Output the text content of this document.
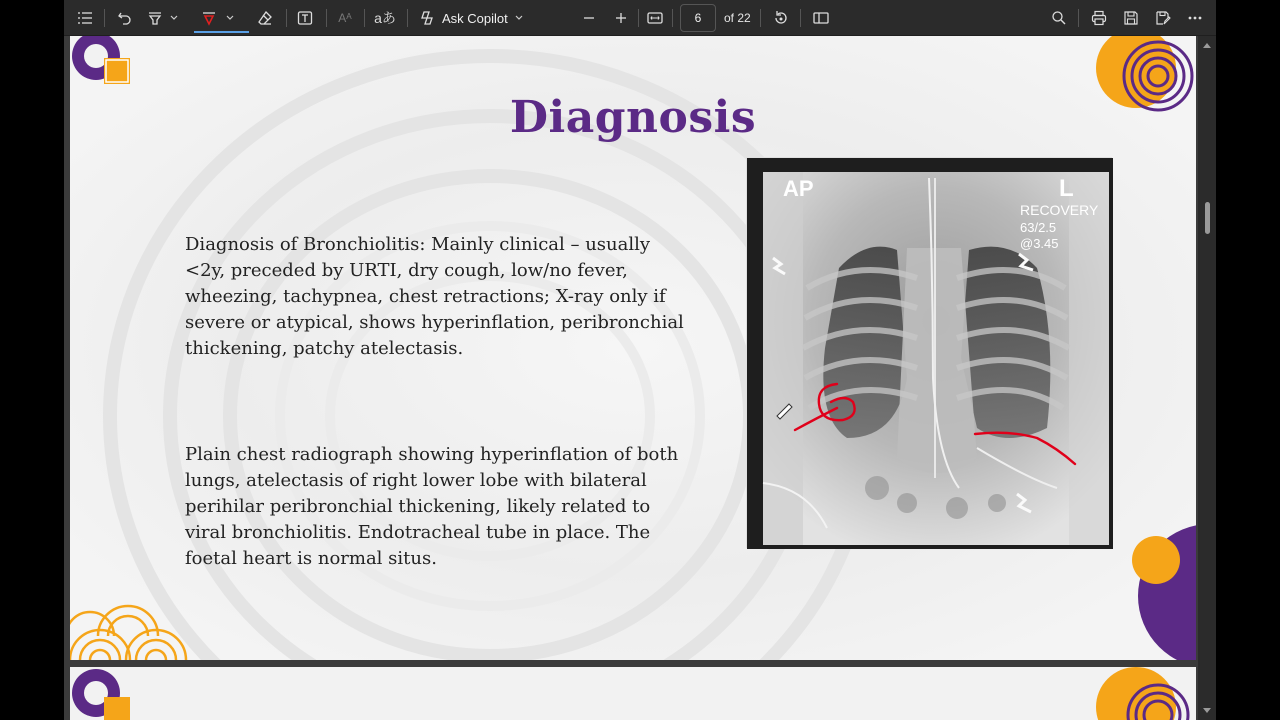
Aᴬ	aあ	Ask Copilot
6	of 22
Diagnosis
Diagnosis of Bronchiolitis: Mainly clinical – usually <2y, preceded by URTI, dry cough, low/no fever, wheezing, tachypnea, chest retractions; X-ray only if severe or atypical, shows hyperinflation, peribronchial thickening, patchy atelectasis.
Plain chest radiograph showing hyperinflation of both lungs, atelectasis of right lower lobe with bilateral perihilar peribronchial thickening, likely related to viral bronchiolitis. Endotracheal tube in place. The foetal heart is normal situs.
AP	L
RECOVERY
63/2.5
@3.45
